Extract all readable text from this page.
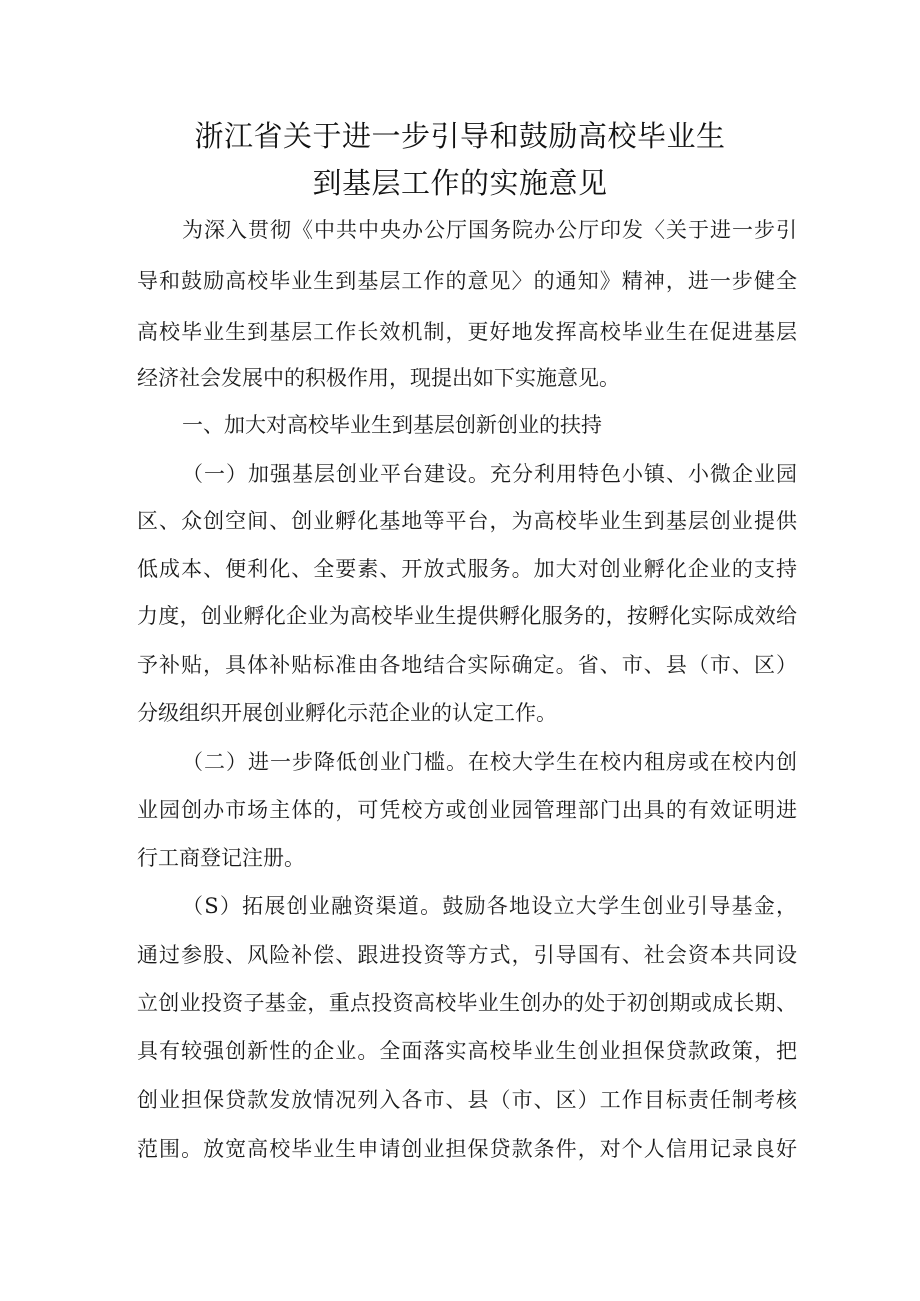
浙江省关于进一步引导和鼓励高校毕业生
到基层工作的实施意见
为深入贯彻《中共中央办公厅国务院办公厅印发〈关于进一步引
导和鼓励高校毕业生到基层工作的意见〉的通知》精神，进一步健全
高校毕业生到基层工作长效机制，更好地发挥高校毕业生在促进基层
经济社会发展中的积极作用，现提出如下实施意见。
一、加大对高校毕业生到基层创新创业的扶持
（一）加强基层创业平台建设。充分利用特色小镇、小微企业园
区、众创空间、创业孵化基地等平台，为高校毕业生到基层创业提供
低成本、便利化、全要素、开放式服务。加大对创业孵化企业的支持
力度，创业孵化企业为高校毕业生提供孵化服务的，按孵化实际成效给
予补贴，具体补贴标准由各地结合实际确定。省、市、县（市、区）
分级组织开展创业孵化示范企业的认定工作。
（二）进一步降低创业门槛。在校大学生在校内租房或在校内创
业园创办市场主体的，可凭校方或创业园管理部门出具的有效证明进
行工商登记注册。
（S）拓展创业融资渠道。鼓励各地设立大学生创业引导基金，
通过参股、风险补偿、跟进投资等方式，引导国有、社会资本共同设
立创业投资子基金，重点投资高校毕业生创办的处于初创期或成长期、
具有较强创新性的企业。全面落实高校毕业生创业担保贷款政策，把
创业担保贷款发放情况列入各市、县（市、区）工作目标责任制考核
范围。放宽高校毕业生申请创业担保贷款条件，对个人信用记录良好
